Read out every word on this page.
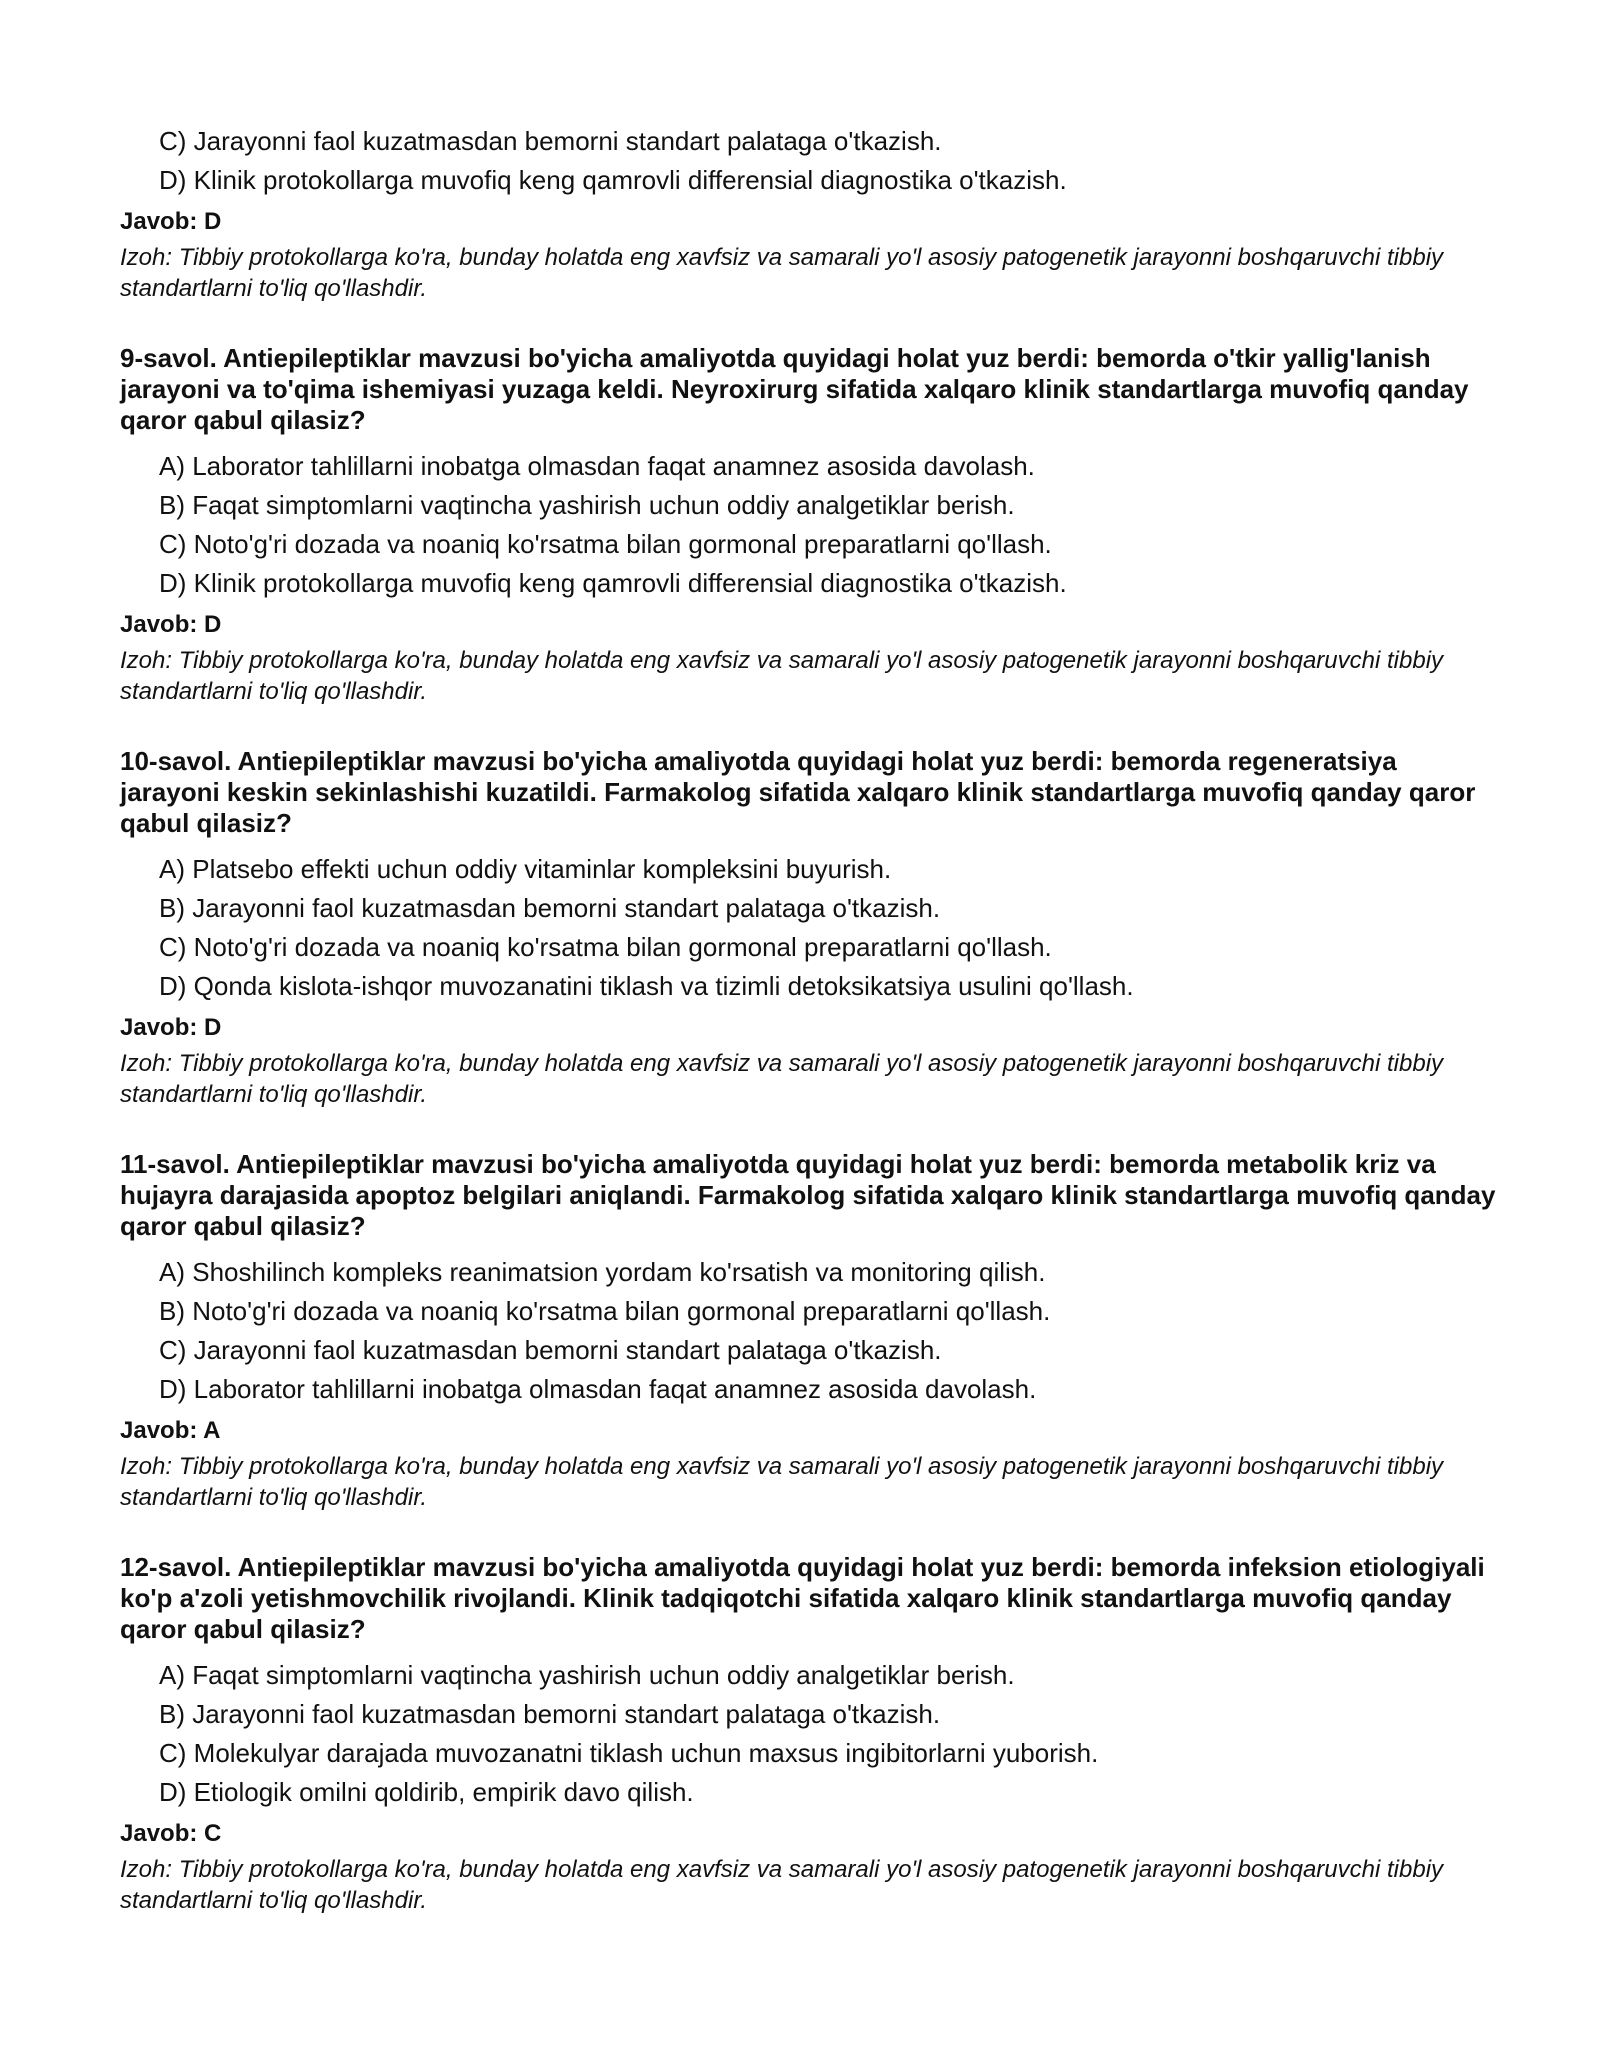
C) Jarayonni faol kuzatmasdan bemorni standart palataga o'tkazish.

D) Klinik protokollarga muvofiq keng qamrovli differensial diagnostika o'tkazish.

Javob: D

Izoh: Tibbiy protokollarga ko'ra, bunday holatda eng xavfsiz va samarali yo'l asosiy patogenetik jarayonni boshqaruvchi tibbiy standartlarni to'liq qo'llashdir.

9-savol. Antiepileptiklar mavzusi bo'yicha amaliyotda quyidagi holat yuz berdi: bemorda o'tkir yallig'lanish jarayoni va to'qima ishemiyasi yuzaga keldi. Neyroxirurg sifatida xalqaro klinik standartlarga muvofiq qanday qaror qabul qilasiz?

A) Laborator tahlillarni inobatga olmasdan faqat anamnez asosida davolash.

B) Faqat simptomlarni vaqtincha yashirish uchun oddiy analgetiklar berish.

C) Noto'g'ri dozada va noaniq ko'rsatma bilan gormonal preparatlarni qo'llash.

D) Klinik protokollarga muvofiq keng qamrovli differensial diagnostika o'tkazish.

Javob: D

Izoh: Tibbiy protokollarga ko'ra, bunday holatda eng xavfsiz va samarali yo'l asosiy patogenetik jarayonni boshqaruvchi tibbiy standartlarni to'liq qo'llashdir.

10-savol. Antiepileptiklar mavzusi bo'yicha amaliyotda quyidagi holat yuz berdi: bemorda regeneratsiya jarayoni keskin sekinlashishi kuzatildi. Farmakolog sifatida xalqaro klinik standartlarga muvofiq qanday qaror qabul qilasiz?

A) Platsebo effekti uchun oddiy vitaminlar kompleksini buyurish.

B) Jarayonni faol kuzatmasdan bemorni standart palataga o'tkazish.

C) Noto'g'ri dozada va noaniq ko'rsatma bilan gormonal preparatlarni qo'llash.

D) Qonda kislota-ishqor muvozanatini tiklash va tizimli detoksikatsiya usulini qo'llash.

Javob: D

Izoh: Tibbiy protokollarga ko'ra, bunday holatda eng xavfsiz va samarali yo'l asosiy patogenetik jarayonni boshqaruvchi tibbiy standartlarni to'liq qo'llashdir.

11-savol. Antiepileptiklar mavzusi bo'yicha amaliyotda quyidagi holat yuz berdi: bemorda metabolik kriz va hujayra darajasida apoptoz belgilari aniqlandi. Farmakolog sifatida xalqaro klinik standartlarga muvofiq qanday qaror qabul qilasiz?

A) Shoshilinch kompleks reanimatsion yordam ko'rsatish va monitoring qilish.

B) Noto'g'ri dozada va noaniq ko'rsatma bilan gormonal preparatlarni qo'llash.

C) Jarayonni faol kuzatmasdan bemorni standart palataga o'tkazish.

D) Laborator tahlillarni inobatga olmasdan faqat anamnez asosida davolash.

Javob: A

Izoh: Tibbiy protokollarga ko'ra, bunday holatda eng xavfsiz va samarali yo'l asosiy patogenetik jarayonni boshqaruvchi tibbiy standartlarni to'liq qo'llashdir.

12-savol. Antiepileptiklar mavzusi bo'yicha amaliyotda quyidagi holat yuz berdi: bemorda infeksion etiologiyali ko'p a'zoli yetishmovchilik rivojlandi. Klinik tadqiqotchi sifatida xalqaro klinik standartlarga muvofiq qanday qaror qabul qilasiz?

A) Faqat simptomlarni vaqtincha yashirish uchun oddiy analgetiklar berish.

B) Jarayonni faol kuzatmasdan bemorni standart palataga o'tkazish.

C) Molekulyar darajada muvozanatni tiklash uchun maxsus ingibitorlarni yuborish.

D) Etiologik omilni qoldirib, empirik davo qilish.

Javob: C

Izoh: Tibbiy protokollarga ko'ra, bunday holatda eng xavfsiz va samarali yo'l asosiy patogenetik jarayonni boshqaruvchi tibbiy standartlarni to'liq qo'llashdir.
